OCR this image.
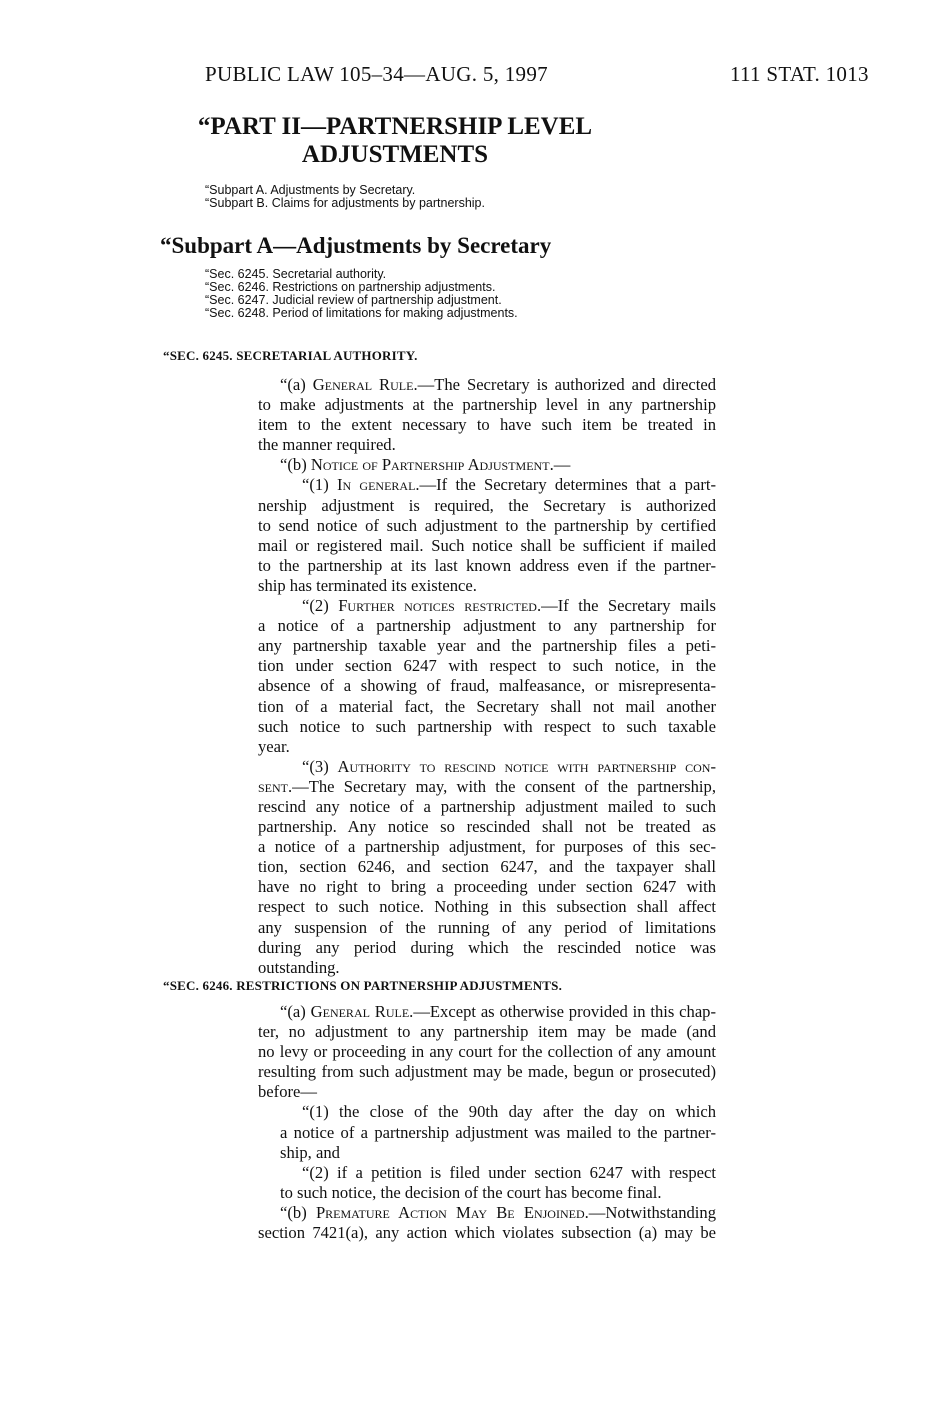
PUBLIC LAW 105–34—AUG. 5, 1997	111 STAT. 1013
“PART II—PARTNERSHIP LEVEL
ADJUSTMENTS
“Subpart A. Adjustments by Secretary.
“Subpart B. Claims for adjustments by partnership.
“Subpart A—Adjustments by Secretary
“Sec. 6245. Secretarial authority.
“Sec. 6246. Restrictions on partnership adjustments.
“Sec. 6247. Judicial review of partnership adjustment.
“Sec. 6248. Period of limitations for making adjustments.
“SEC. 6245. SECRETARIAL AUTHORITY.
“(a) General Rule.—The Secretary is authorized and directed
to make adjustments at the partnership level in any partnership
item to the extent necessary to have such item be treated in
the manner required.
“(b) Notice of Partnership Adjustment.—
“(1) In general.—If the Secretary determines that a part-
nership adjustment is required, the Secretary is authorized
to send notice of such adjustment to the partnership by certified
mail or registered mail. Such notice shall be sufficient if mailed
to the partnership at its last known address even if the partner-
ship has terminated its existence.
“(2) Further notices restricted.—If the Secretary mails
a notice of a partnership adjustment to any partnership for
any partnership taxable year and the partnership files a peti-
tion under section 6247 with respect to such notice, in the
absence of a showing of fraud, malfeasance, or misrepresenta-
tion of a material fact, the Secretary shall not mail another
such notice to such partnership with respect to such taxable
year.
“(3) Authority to rescind notice with partnership con-
sent.—The Secretary may, with the consent of the partnership,
rescind any notice of a partnership adjustment mailed to such
partnership. Any notice so rescinded shall not be treated as
a notice of a partnership adjustment, for purposes of this sec-
tion, section 6246, and section 6247, and the taxpayer shall
have no right to bring a proceeding under section 6247 with
respect to such notice. Nothing in this subsection shall affect
any suspension of the running of any period of limitations
during any period during which the rescinded notice was
outstanding.
“SEC. 6246. RESTRICTIONS ON PARTNERSHIP ADJUSTMENTS.
“(a) General Rule.—Except as otherwise provided in this chap-
ter, no adjustment to any partnership item may be made (and
no levy or proceeding in any court for the collection of any amount
resulting from such adjustment may be made, begun or prosecuted)
before—
“(1) the close of the 90th day after the day on which
a notice of a partnership adjustment was mailed to the partner-
ship, and
“(2) if a petition is filed under section 6247 with respect
to such notice, the decision of the court has become final.
“(b) Premature Action May Be Enjoined.—Notwithstanding
section 7421(a), any action which violates subsection (a) may be
